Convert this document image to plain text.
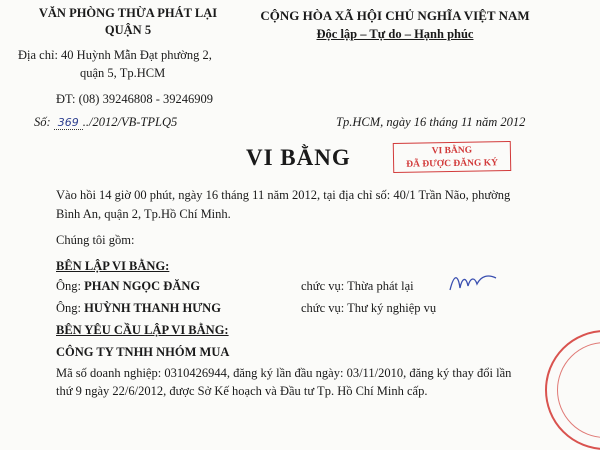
VĂN PHÒNG THỪA PHÁT LẠI
QUẬN 5
Địa chỉ: 40 Huỳnh Mẫn Đạt phường 2,
quận 5, Tp.HCM
ĐT: (08) 39246808 - 39246909
Số: 369 ../2012/VB-TPLQ5
CỘNG HÒA XÃ HỘI CHỦ NGHĨA VIỆT NAM
Độc lập – Tự do – Hạnh phúc
Tp.HCM, ngày 16 tháng 11 năm 2012
VI BẰNG	VI BẰNG
ĐÃ ĐƯỢC ĐĂNG KÝ
Vào hồi 14 giờ 00 phút, ngày 16 tháng 11 năm 2012, tại địa chỉ số: 40/1 Trần Não, phường
Bình An, quận 2, Tp.Hồ Chí Minh.
Chúng tôi gồm:
BÊN LẬP VI BẰNG:
Ông: PHAN NGỌC ĐĂNG	chức vụ: Thừa phát lại
Ông: HUỲNH THANH HƯNG	chức vụ: Thư ký nghiệp vụ
BÊN YÊU CẦU LẬP VI BẰNG:
CÔNG TY TNHH NHÓM MUA
Mã số doanh nghiệp: 0310426944, đăng ký lần đầu ngày: 03/11/2010, đăng ký thay đổi lần
thứ 9 ngày 22/6/2012, được Sở Kế hoạch và Đầu tư Tp. Hồ Chí Minh cấp.
